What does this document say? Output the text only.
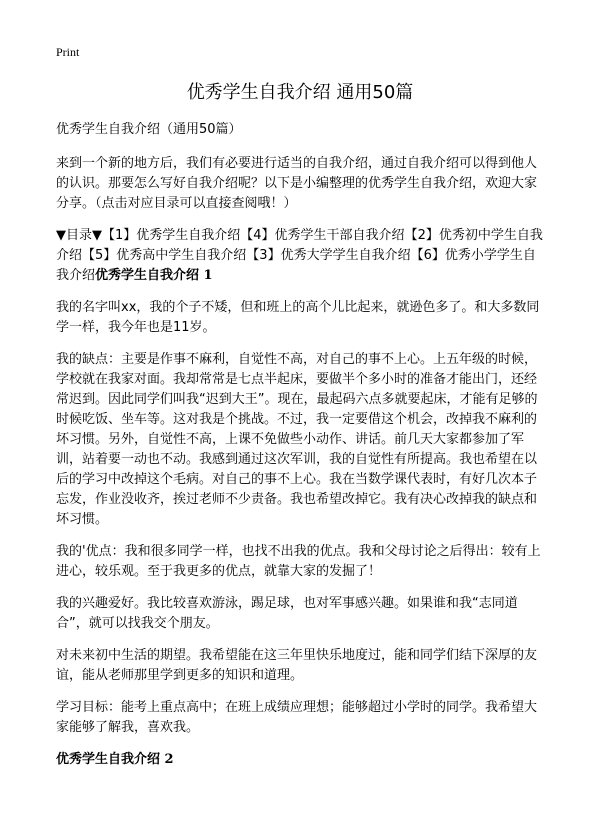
Print
优秀学生自我介绍 通用50篇

优秀学生自我介绍（通用50篇）

来到一个新的地方后，我们有必要进行适当的自我介绍，通过自我介绍可以得到他人的认识。那要怎么写好自我介绍呢？以下是小编整理的优秀学生自我介绍，欢迎大家分享。（点击对应目录可以直接查阅哦！）

▼目录▼【1】优秀学生自我介绍【4】优秀学生干部自我介绍【2】优秀初中学生自我介绍【5】优秀高中学生自我介绍【3】优秀大学学生自我介绍【6】优秀小学学生自我介绍优秀学生自我介绍 1

我的名字叫xx，我的个子不矮，但和班上的高个儿比起来，就逊色多了。和大多数同学一样，我今年也是11岁。

我的缺点：主要是作事不麻利，自觉性不高，对自己的事不上心。上五年级的时候，学校就在我家对面。我却常常是七点半起床，要做半个多小时的准备才能出门，还经常迟到。因此同学们叫我“迟到大王”。现在，最起码六点多就要起床，才能有足够的时候吃饭、坐车等。这对我是个挑战。不过，我一定要借这个机会，改掉我不麻利的坏习惯。另外，自觉性不高，上课不免做些小动作、讲话。前几天大家都参加了军训，站着要一动也不动。我感到通过这次军训，我的自觉性有所提高。我也希望在以后的学习中改掉这个毛病。对自己的事不上心。我在当数学课代表时，有好几次本子忘发，作业没收齐，挨过老师不少责备。我也希望改掉它。我有决心改掉我的缺点和坏习惯。

我的'优点：我和很多同学一样，也找不出我的优点。我和父母讨论之后得出：较有上进心，较乐观。至于我更多的优点，就靠大家的发掘了！

我的兴趣爱好。我比较喜欢游泳，踢足球，也对军事感兴趣。如果谁和我“志同道合”，就可以找我交个朋友。

对未来初中生活的期望。我希望能在这三年里快乐地度过，能和同学们结下深厚的友谊，能从老师那里学到更多的知识和道理。

学习目标：能考上重点高中；在班上成绩应理想；能够超过小学时的同学。我希望大家能够了解我，喜欢我。

优秀学生自我介绍 2
